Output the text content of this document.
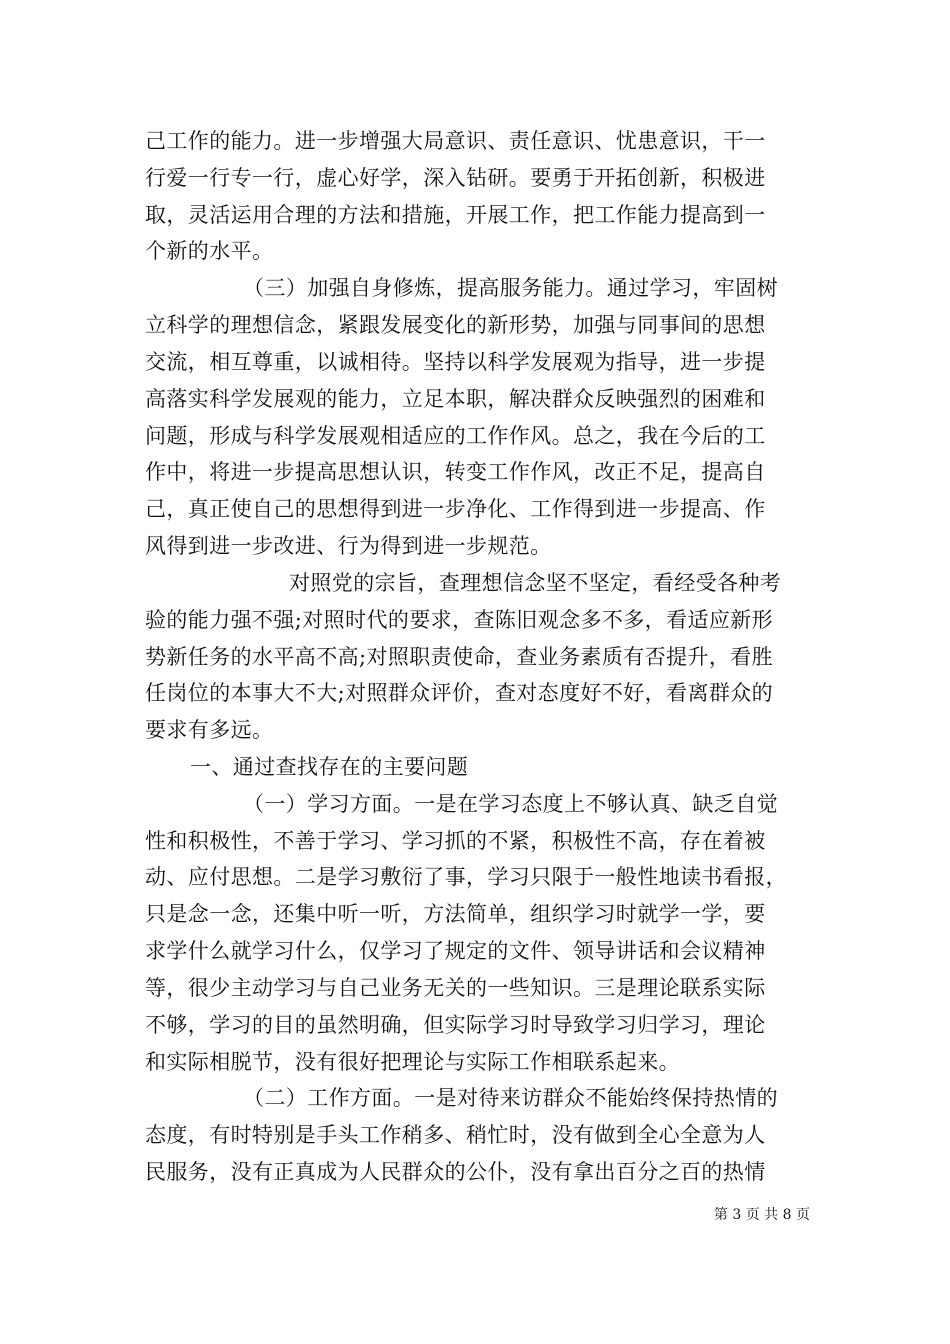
己工作的能力。进一步增强大局意识、责任意识、忧患意识，干一
行爱一行专一行，虚心好学，深入钻研。要勇于开拓创新，积极进
取，灵活运用合理的方法和措施，开展工作，把工作能力提高到一
个新的水平。
（三）加强自身修炼，提高服务能力。通过学习，牢固树
立科学的理想信念，紧跟发展变化的新形势，加强与同事间的思想
交流，相互尊重，以诚相待。坚持以科学发展观为指导，进一步提
高落实科学发展观的能力，立足本职，解决群众反映强烈的困难和
问题，形成与科学发展观相适应的工作作风。总之，我在今后的工
作中，将进一步提高思想认识，转变工作作风，改正不足，提高自
己，真正使自己的思想得到进一步净化、工作得到进一步提高、作
风得到进一步改进、行为得到进一步规范。
对照党的宗旨，查理想信念坚不坚定，看经受各种考
验的能力强不强;对照时代的要求，查陈旧观念多不多，看适应新形
势新任务的水平高不高;对照职责使命，查业务素质有否提升，看胜
任岗位的本事大不大;对照群众评价，查对态度好不好，看离群众的
要求有多远。
一、通过查找存在的主要问题
（一）学习方面。一是在学习态度上不够认真、缺乏自觉
性和积极性，不善于学习、学习抓的不紧，积极性不高，存在着被
动、应付思想。二是学习敷衍了事，学习只限于一般性地读书看报，
只是念一念，还集中听一听，方法简单，组织学习时就学一学，要
求学什么就学习什么，仅学习了规定的文件、领导讲话和会议精神
等，很少主动学习与自己业务无关的一些知识。三是理论联系实际
不够，学习的目的虽然明确，但实际学习时导致学习归学习，理论
和实际相脱节，没有很好把理论与实际工作相联系起来。
（二）工作方面。一是对待来访群众不能始终保持热情的
态度，有时特别是手头工作稍多、稍忙时，没有做到全心全意为人
民服务，没有正真成为人民群众的公仆，没有拿出百分之百的热情
第 3 页 共 8 页
